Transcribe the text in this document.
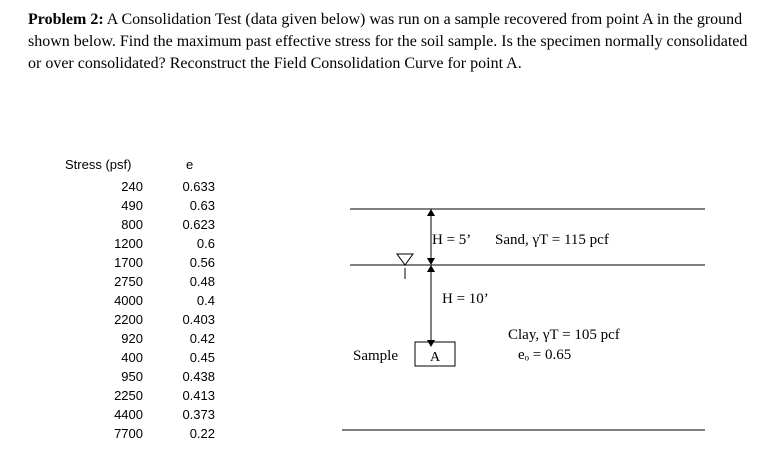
Problem 2: A Consolidation Test (data given below) was run on a sample recovered from point A in the ground shown below. Find the maximum past effective stress for the soil sample. Is the specimen normally consolidated or over consolidated? Reconstruct the Field Consolidation Curve for point A.
Stress (psf)	e
240	0.633
490	0.63
800	0.623
1200	0.6
1700	0.56
2750	0.48
4000	0.4
2200	0.403
920	0.42
400	0.45
950	0.438
2250	0.413
4400	0.373
7700	0.22
H = 5’ Sand, γT = 115 pcf
H = 10’
Clay, γT = 105 pcf
eₒ = 0.65
Sample A
